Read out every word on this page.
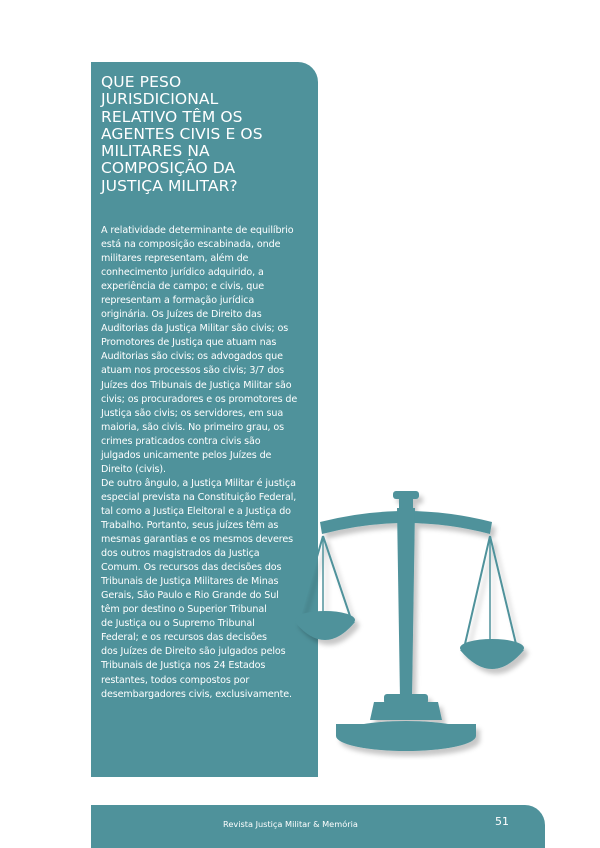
QUE PESO
JURISDICIONAL
RELATIVO TÊM OS
AGENTES CIVIS E OS
MILITARES NA
COMPOSIÇÃO DA
JUSTIÇA MILITAR?
A relatividade determinante de equilíbrio
está na composição escabinada, onde
militares representam, além de
conhecimento jurídico adquirido, a
experiência de campo; e civis, que
representam a formação jurídica
originária. Os Juízes de Direito das
Auditorias da Justiça Militar são civis; os
Promotores de Justiça que atuam nas
Auditorias são civis; os advogados que
atuam nos processos são civis; 3/7 dos
Juízes dos Tribunais de Justiça Militar são
civis; os procuradores e os promotores de
Justiça são civis; os servidores, em sua
maioria, são civis. No primeiro grau, os
crimes praticados contra civis são
julgados unicamente pelos Juízes de
Direito (civis).
De outro ângulo, a Justiça Militar é justiça
especial prevista na Constituição Federal,
tal como a Justiça Eleitoral e a Justiça do
Trabalho. Portanto, seus juízes têm as
mesmas garantias e os mesmos deveres
dos outros magistrados da Justiça
Comum. Os recursos das decisões dos
Tribunais de Justiça Militares de Minas
Gerais, São Paulo e Rio Grande do Sul
têm por destino o Superior Tribunal
de Justiça ou o Supremo Tribunal
Federal; e os recursos das decisões
dos Juízes de Direito são julgados pelos
Tribunais de Justiça nos 24 Estados
restantes, todos compostos por
desembargadores civis, exclusivamente.
Revista Justiça Militar & Memória	51
